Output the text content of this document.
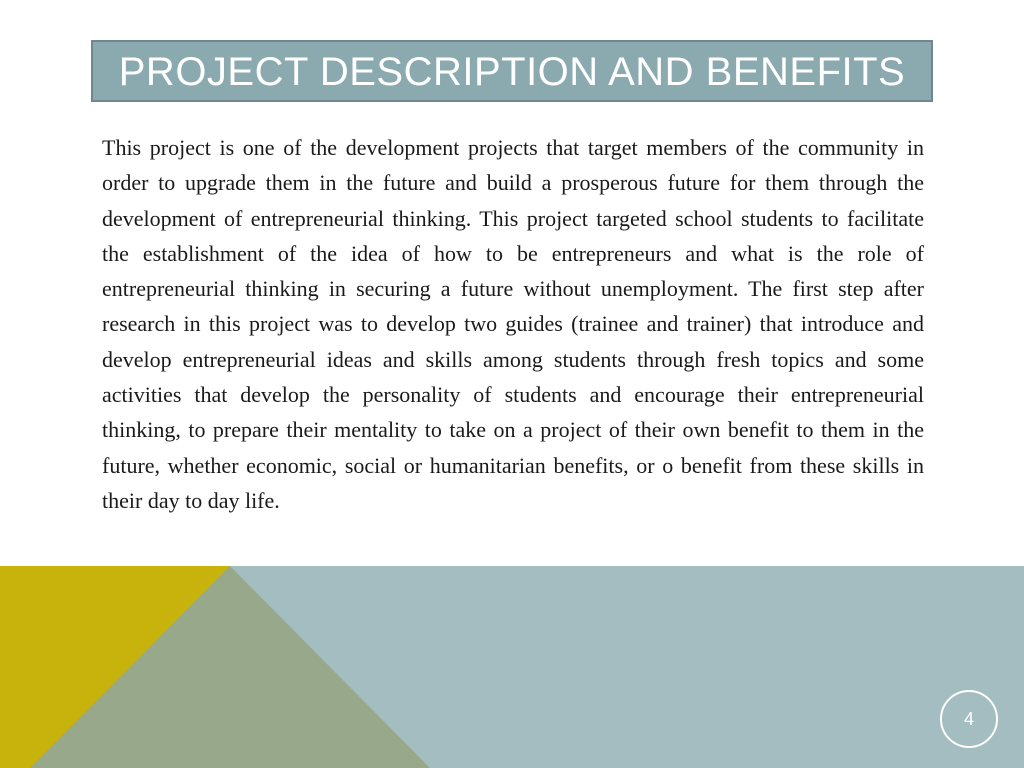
PROJECT DESCRIPTION AND BENEFITS

This project is one of the development projects that target members of the community in order to upgrade them in the future and build a prosperous future for them through the development of entrepreneurial thinking. This project targeted school students to facilitate the establishment of the idea of how to be entrepreneurs and what is the role of entrepreneurial thinking in securing a future without unemployment. The first step after research in this project was to develop two guides (trainee and trainer) that introduce and develop entrepreneurial ideas and skills among students through fresh topics and some activities that develop the personality of students and encourage their entrepreneurial thinking, to prepare their mentality to take on a project of their own benefit to them in the future, whether economic, social or humanitarian benefits, or o benefit from these skills in their day to day life.

4
